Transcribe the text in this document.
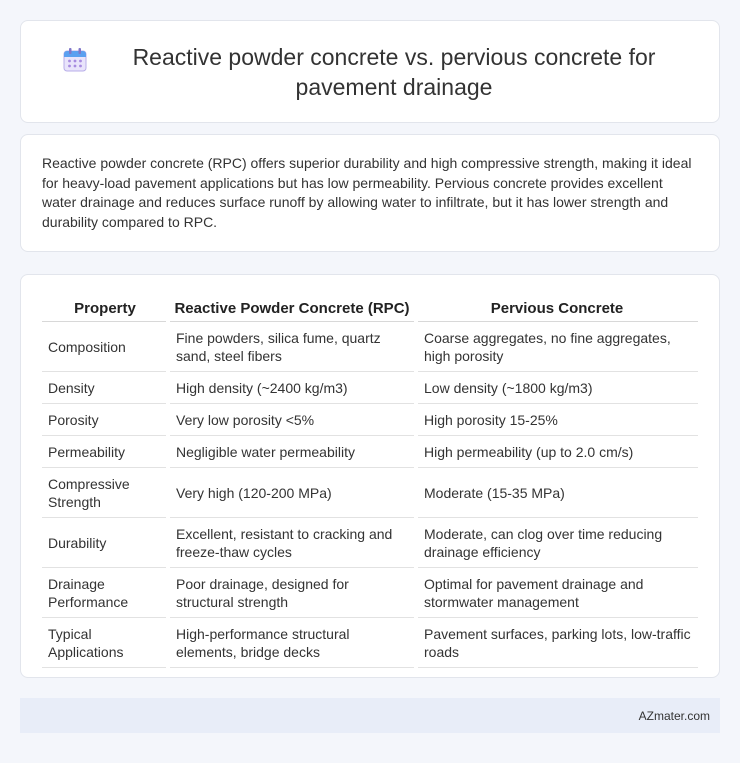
Reactive powder concrete vs. pervious concrete for pavement drainage

Reactive powder concrete (RPC) offers superior durability and high compressive strength, making it ideal for heavy-load pavement applications but has low permeability. Pervious concrete provides excellent water drainage and reduces surface runoff by allowing water to infiltrate, but it has lower strength and durability compared to RPC.

Property	Reactive Powder Concrete (RPC)	Pervious Concrete
Composition	Fine powders, silica fume, quartz sand, steel fibers	Coarse aggregates, no fine aggregates, high porosity
Density	High density (~2400 kg/m3)	Low density (~1800 kg/m3)
Porosity	Very low porosity <5%	High porosity 15-25%
Permeability	Negligible water permeability	High permeability (up to 2.0 cm/s)
Compressive Strength	Very high (120-200 MPa)	Moderate (15-35 MPa)
Durability	Excellent, resistant to cracking and freeze-thaw cycles	Moderate, can clog over time reducing drainage efficiency
Drainage Performance	Poor drainage, designed for structural strength	Optimal for pavement drainage and stormwater management
Typical Applications	High-performance structural elements, bridge decks	Pavement surfaces, parking lots, low-traffic roads
AZmater.com
